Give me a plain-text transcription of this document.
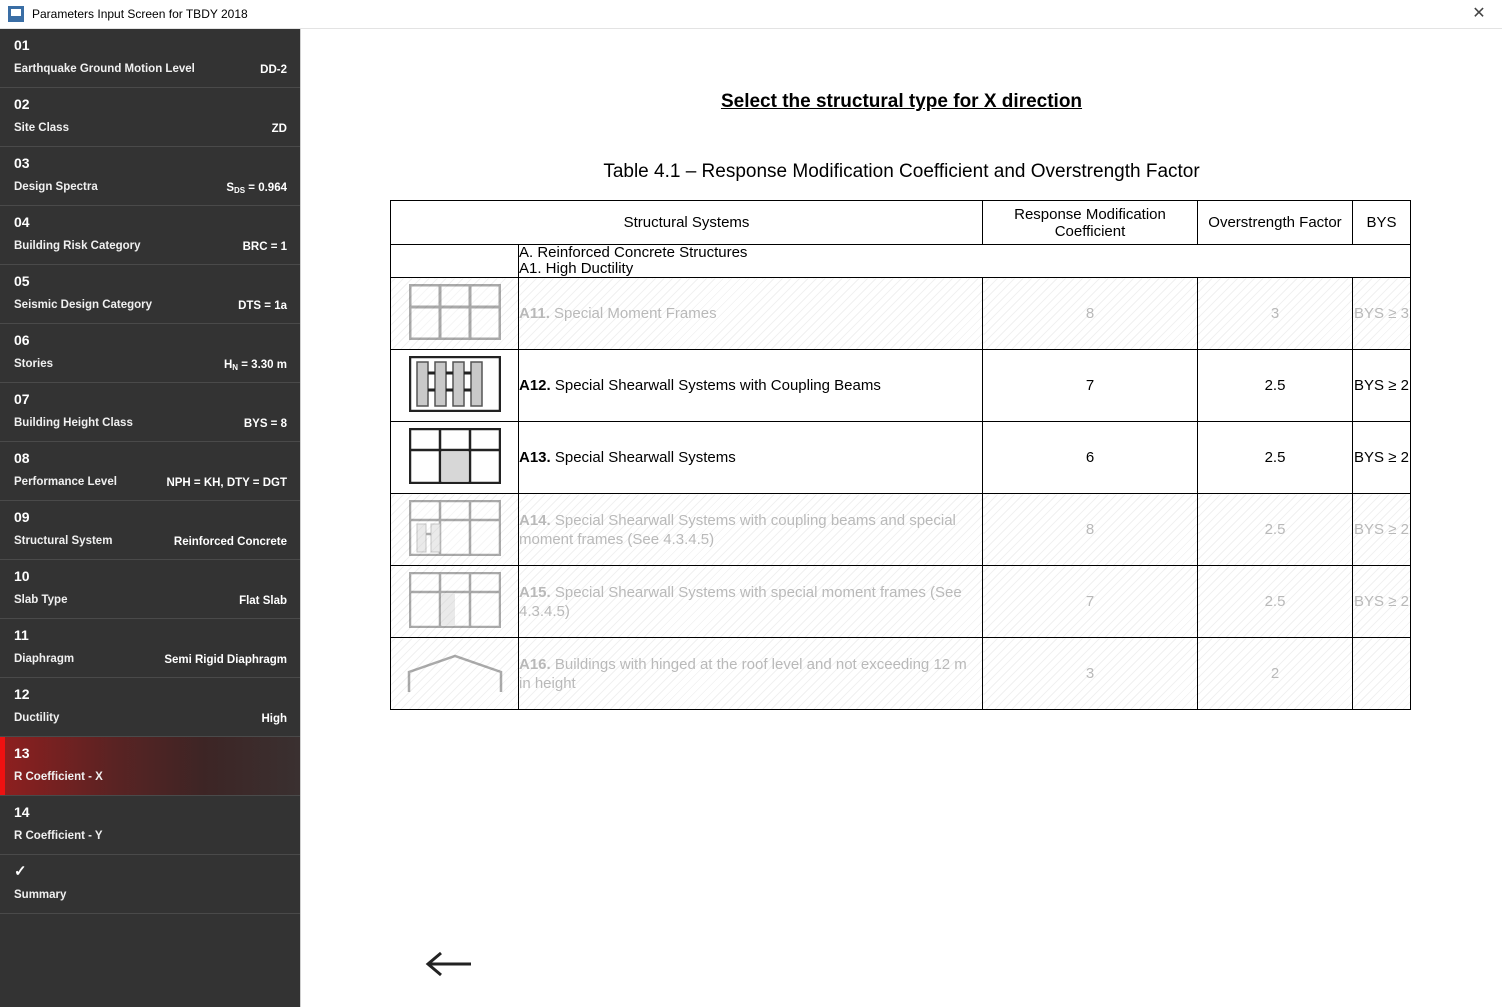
Parameters Input Screen for TBDY 2018	✕
01
Earthquake Ground Motion Level	DD-2
02
Site Class	ZD
03
Design Spectra	$S_{DS} = 0.964$
04
Building Risk Category	BRC = 1
05
Seismic Design Category	DTS = 1a
06
Stories	$H_N = 3.30$ m
07
Building Height Class	BYS = 8
08
Performance Level	NPH = KH, DTY = DGT
09
Structural System	Reinforced Concrete
10
Slab Type	Flat Slab
11
Diaphragm	Semi Rigid Diaphragm
12
Ductility	High
13
R Coefficient - X
14
R Coefficient - Y
✓
Summary
Select the structural type for X direction
Table 4.1 – Response Modification Coefficient and Overstrength Factor
Structural Systems		Response Modification Coefficient	Overstrength Factor	BYS

	A. Reinforced Concrete Structures
A1. High Ductility			

	A11. Special Moment Frames	8	3	BYS ≥ 3
	A12. Special Shearwall Systems with Coupling Beams	7	2.5	BYS ≥ 2
	A13. Special Shearwall Systems	6	2.5	BYS ≥ 2
	A14. Special Shearwall Systems with coupling beams and special moment frames (See 4.3.4.5)	8	2.5	BYS ≥ 2
	A15. Special Shearwall Systems with special moment frames (See 4.3.4.5)	7	2.5	BYS ≥ 2
	A16. Buildings with hinged at the roof level and not exceeding 12 m in height	3	2	
